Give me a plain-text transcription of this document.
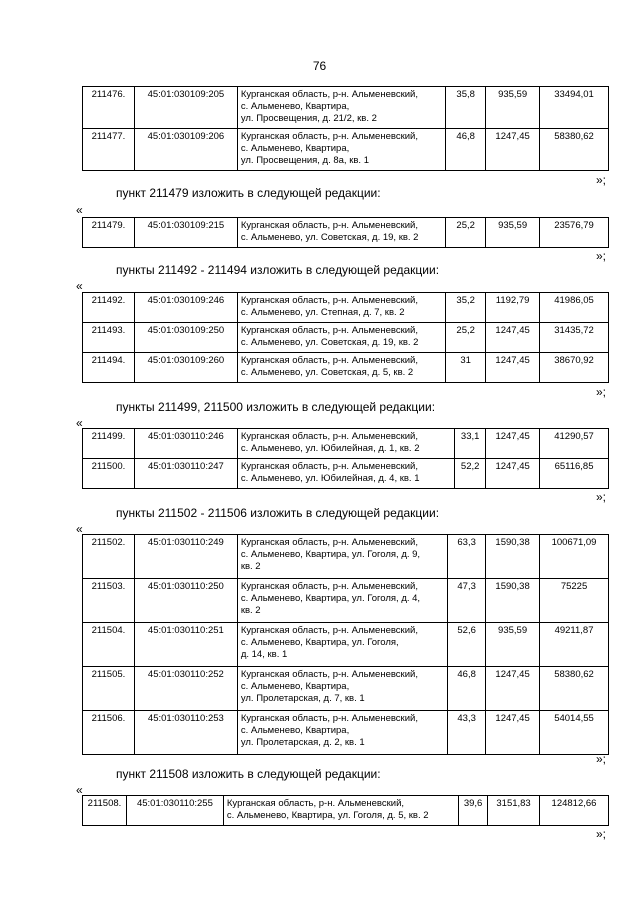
76
211476.	45:01:030109:205	Курганская область, р-н. Альменевский,
с. Альменево, Квартира,
ул. Просвещения, д. 21/2, кв. 2	35,8	935,59	33494,01
211477.	45:01:030109:206	Курганская область, р-н. Альменевский,
с. Альменево, Квартира,
ул. Просвещения, д. 8а, кв. 1	46,8	1247,45	58380,62
»;
пункт 211479 изложить в следующей редакции:
«
211479.	45:01:030109:215	Курганская область, р-н. Альменевский,
с. Альменево, ул. Советская, д. 19, кв. 2
	25,2	935,59	23576,79
»;
пункты 211492 - 211494 изложить в следующей редакции:
«
211492.	45:01:030109:246	Курганская область, р-н. Альменевский,
с. Альменево, ул. Степная, д. 7, кв. 2	35,2	1192,79	41986,05
211493.	45:01:030109:250	Курганская область, р-н. Альменевский,
с. Альменево, ул. Советская, д. 19, кв. 2	25,2	1247,45	31435,72
211494.	45:01:030109:260	Курганская область, р-н. Альменевский,
с. Альменево, ул. Советская, д. 5, кв. 2	31	1247,45	38670,92
»;
пункты 211499, 211500 изложить в следующей редакции:
«
211499.	45:01:030110:246	Курганская область, р-н. Альменевский,
с. Альменево, ул. Юбилейная, д. 1, кв. 2	33,1	1247,45	41290,57
211500.	45:01:030110:247	Курганская область, р-н. Альменевский,
с. Альменево, ул. Юбилейная, д. 4, кв. 1	52,2	1247,45	65116,85
»;
пункты 211502 - 211506 изложить в следующей редакции:
«
211502.	45:01:030110:249	Курганская область, р-н. Альменевский,
с. Альменево, Квартира, ул. Гоголя, д. 9,
кв. 2	63,3	1590,38	100671,09
211503.	45:01:030110:250	Курганская область, р-н. Альменевский,
с. Альменево, Квартира, ул. Гоголя, д. 4,
кв. 2	47,3	1590,38	75225
211504.	45:01:030110:251	Курганская область, р-н. Альменевский,
с. Альменево, Квартира, ул. Гоголя,
д. 14, кв. 1	52,6	935,59	49211,87
211505.	45:01:030110:252	Курганская область, р-н. Альменевский,
с. Альменево, Квартира,
ул. Пролетарская, д. 7, кв. 1	46,8	1247,45	58380,62
211506.	45:01:030110:253	Курганская область, р-н. Альменевский,
с. Альменево, Квартира,
ул. Пролетарская, д. 2, кв. 1	43,3	1247,45	54014,55
»;
пункт 211508 изложить в следующей редакции:
«
211508.	45:01:030110:255	Курганская область, р-н. Альменевский,
с. Альменево, Квартира, ул. Гоголя, д. 5, кв. 2
	39,6	3151,83	124812,66
»;
